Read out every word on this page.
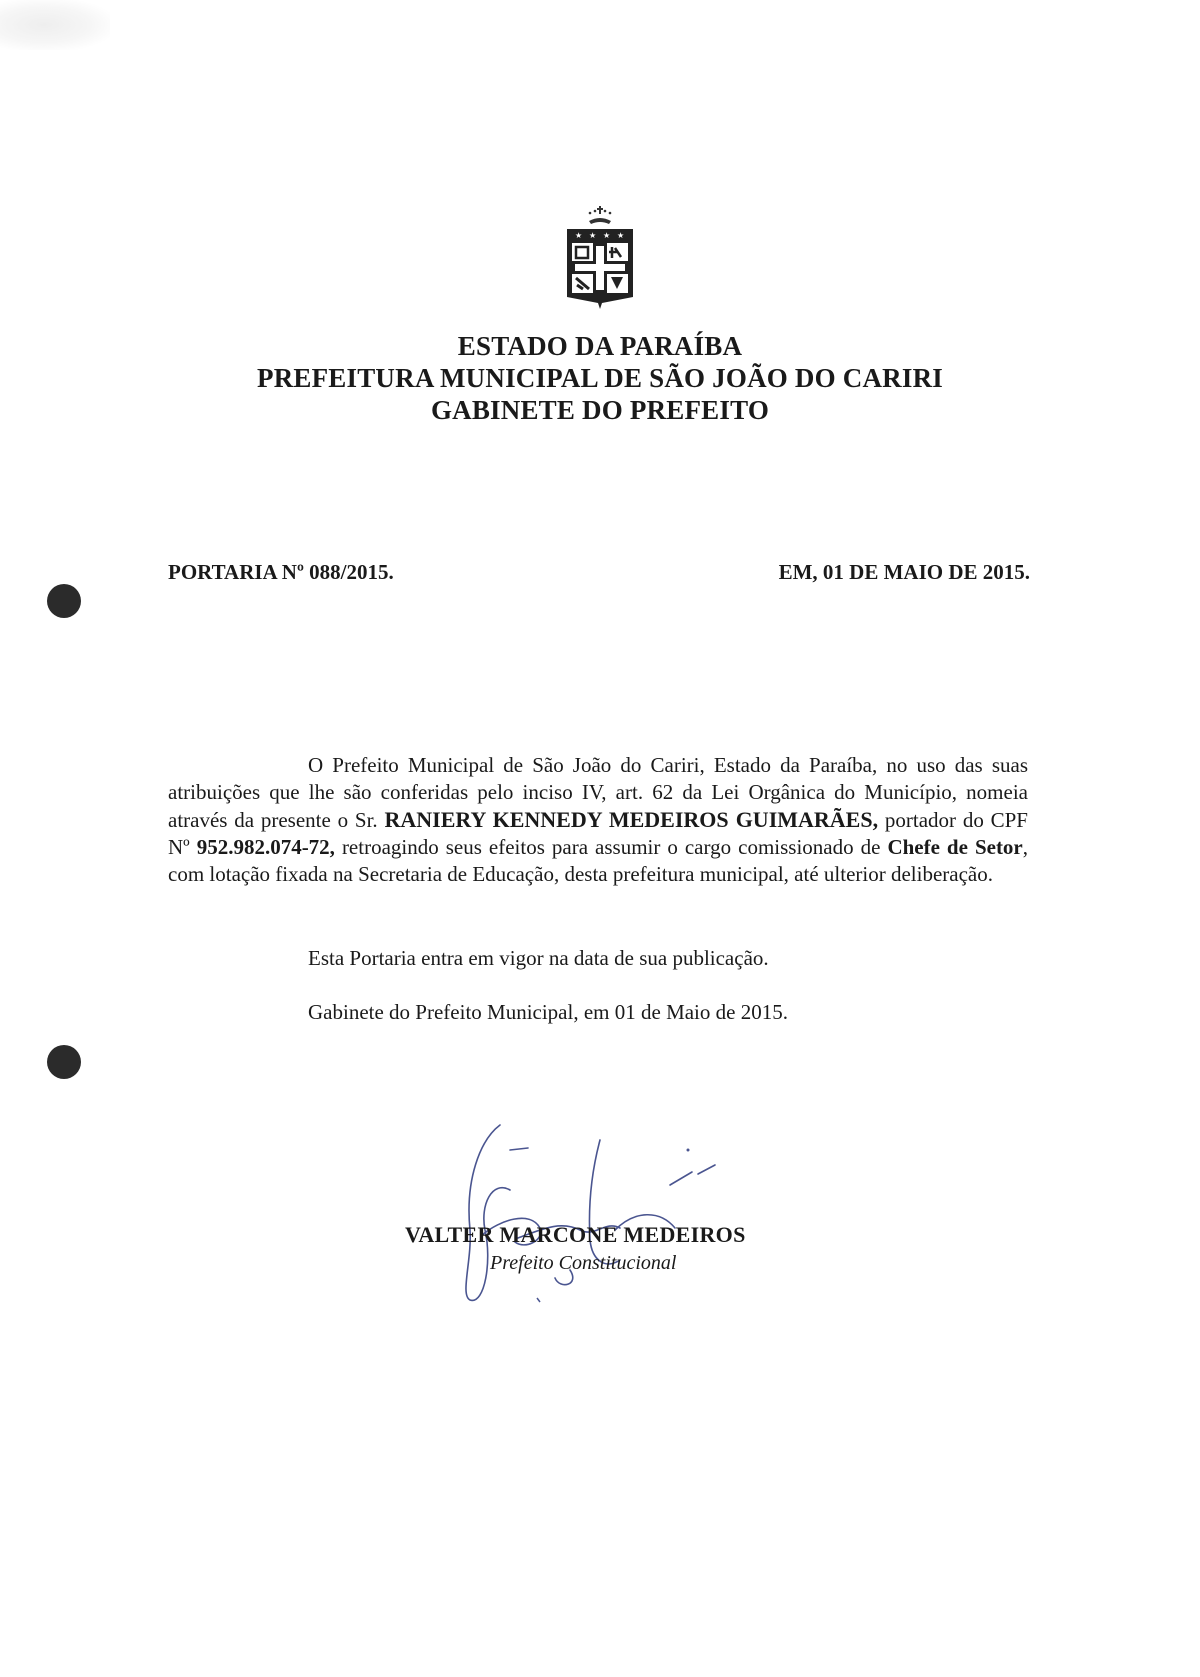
★ ★ ★ ★
ESTADO DA PARAÍBA
PREFEITURA MUNICIPAL DE SÃO JOÃO DO CARIRI
GABINETE DO PREFEITO
PORTARIA Nº 088/2015.	EM, 01 DE MAIO DE 2015.

O Prefeito Municipal de São João do Cariri, Estado da Paraíba, no uso das suas atribuições que lhe são conferidas pelo inciso IV, art. 62 da Lei Orgânica do Município, nomeia através da presente o Sr. RANIERY KENNEDY MEDEIROS GUIMARÃES, portador do CPF Nº 952.982.074-72, retroagindo seus efeitos para assumir o cargo comissionado de Chefe de Setor, com lotação fixada na Secretaria de Educação, desta prefeitura municipal, até ulterior deliberação.

Esta Portaria entra em vigor na data de sua publicação.
Gabinete do Prefeito Municipal, em 01 de Maio de 2015.
VALTER MARCONE MEDEIROS
Prefeito Constitucional
